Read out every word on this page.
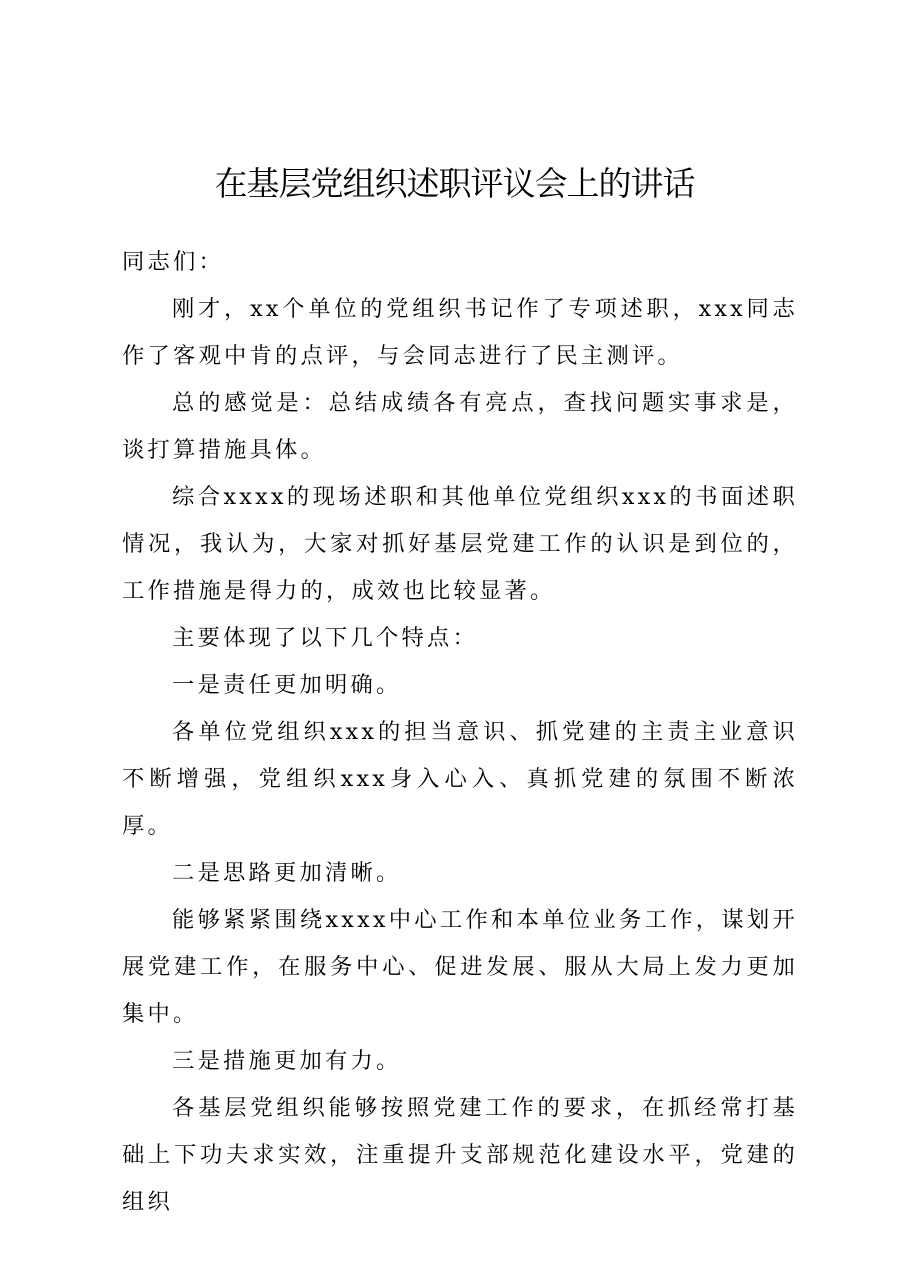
在基层党组织述职评议会上的讲话

同志们：

刚才，xx个单位的党组织书记作了专项述职，xxx同志作了客观中肯的点评，与会同志进行了民主测评。

总的感觉是：总结成绩各有亮点，查找问题实事求是，谈打算措施具体。

综合xxxx的现场述职和其他单位党组织xxx的书面述职情况，我认为，大家对抓好基层党建工作的认识是到位的，工作措施是得力的，成效也比较显著。

主要体现了以下几个特点：

一是责任更加明确。

各单位党组织xxx的担当意识、抓党建的主责主业意识不断增强，党组织xxx身入心入、真抓党建的氛围不断浓厚。

二是思路更加清晰。

能够紧紧围绕xxxx中心工作和本单位业务工作，谋划开展党建工作，在服务中心、促进发展、服从大局上发力更加集中。

三是措施更加有力。

各基层党组织能够按照党建工作的要求，在抓经常打基础上下功夫求实效，注重提升支部规范化建设水平，党建的组织
